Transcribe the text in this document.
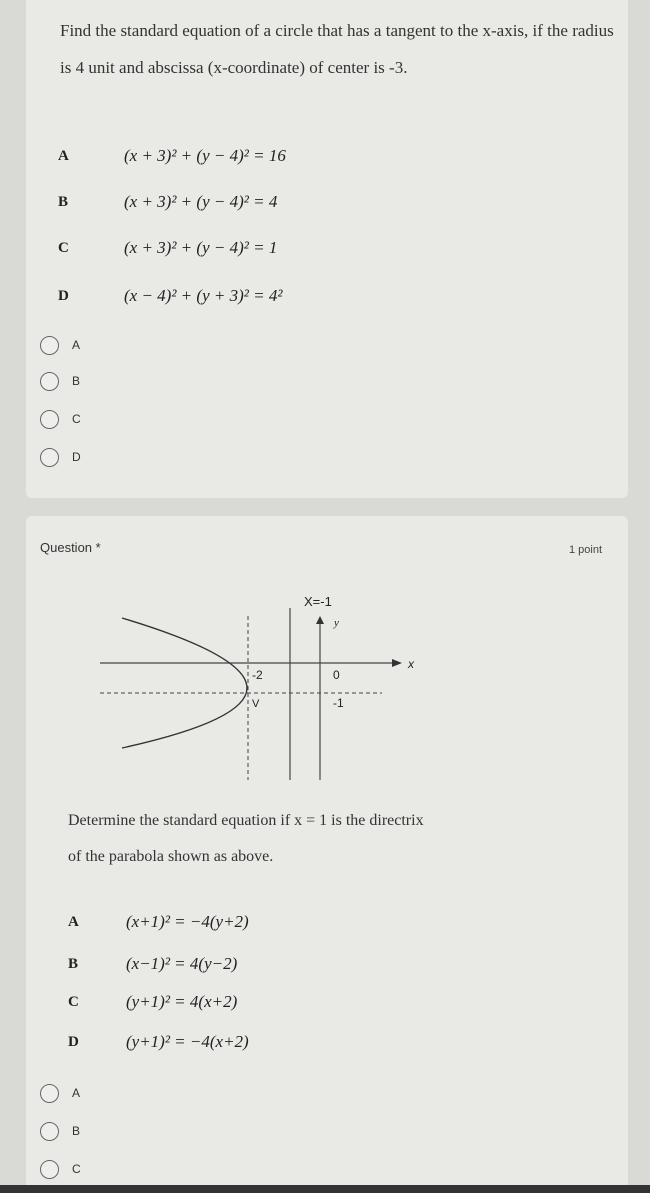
Find the standard equation of a circle that has a tangent to the x-axis, if the radius is 4 unit and abscissa (x-coordinate) of center is -3.
A	(x + 3)² + (y − 4)² = 16
B	(x + 3)² + (y − 4)² = 4
C	(x + 3)² + (y − 4)² = 1
D	(x − 4)² + (y + 3)² = 4²
A
B
C
D
Question *	1 point
X=-1
y
x
-2	0
-1
V
Determine the standard equation if x = 1 is the directrix
of the parabola shown as above.
A	(x+1)² = −4(y+2)
B	(x−1)² = 4(y−2)
C	(y+1)² = 4(x+2)
D	(y+1)² = −4(x+2)
A
B
C
